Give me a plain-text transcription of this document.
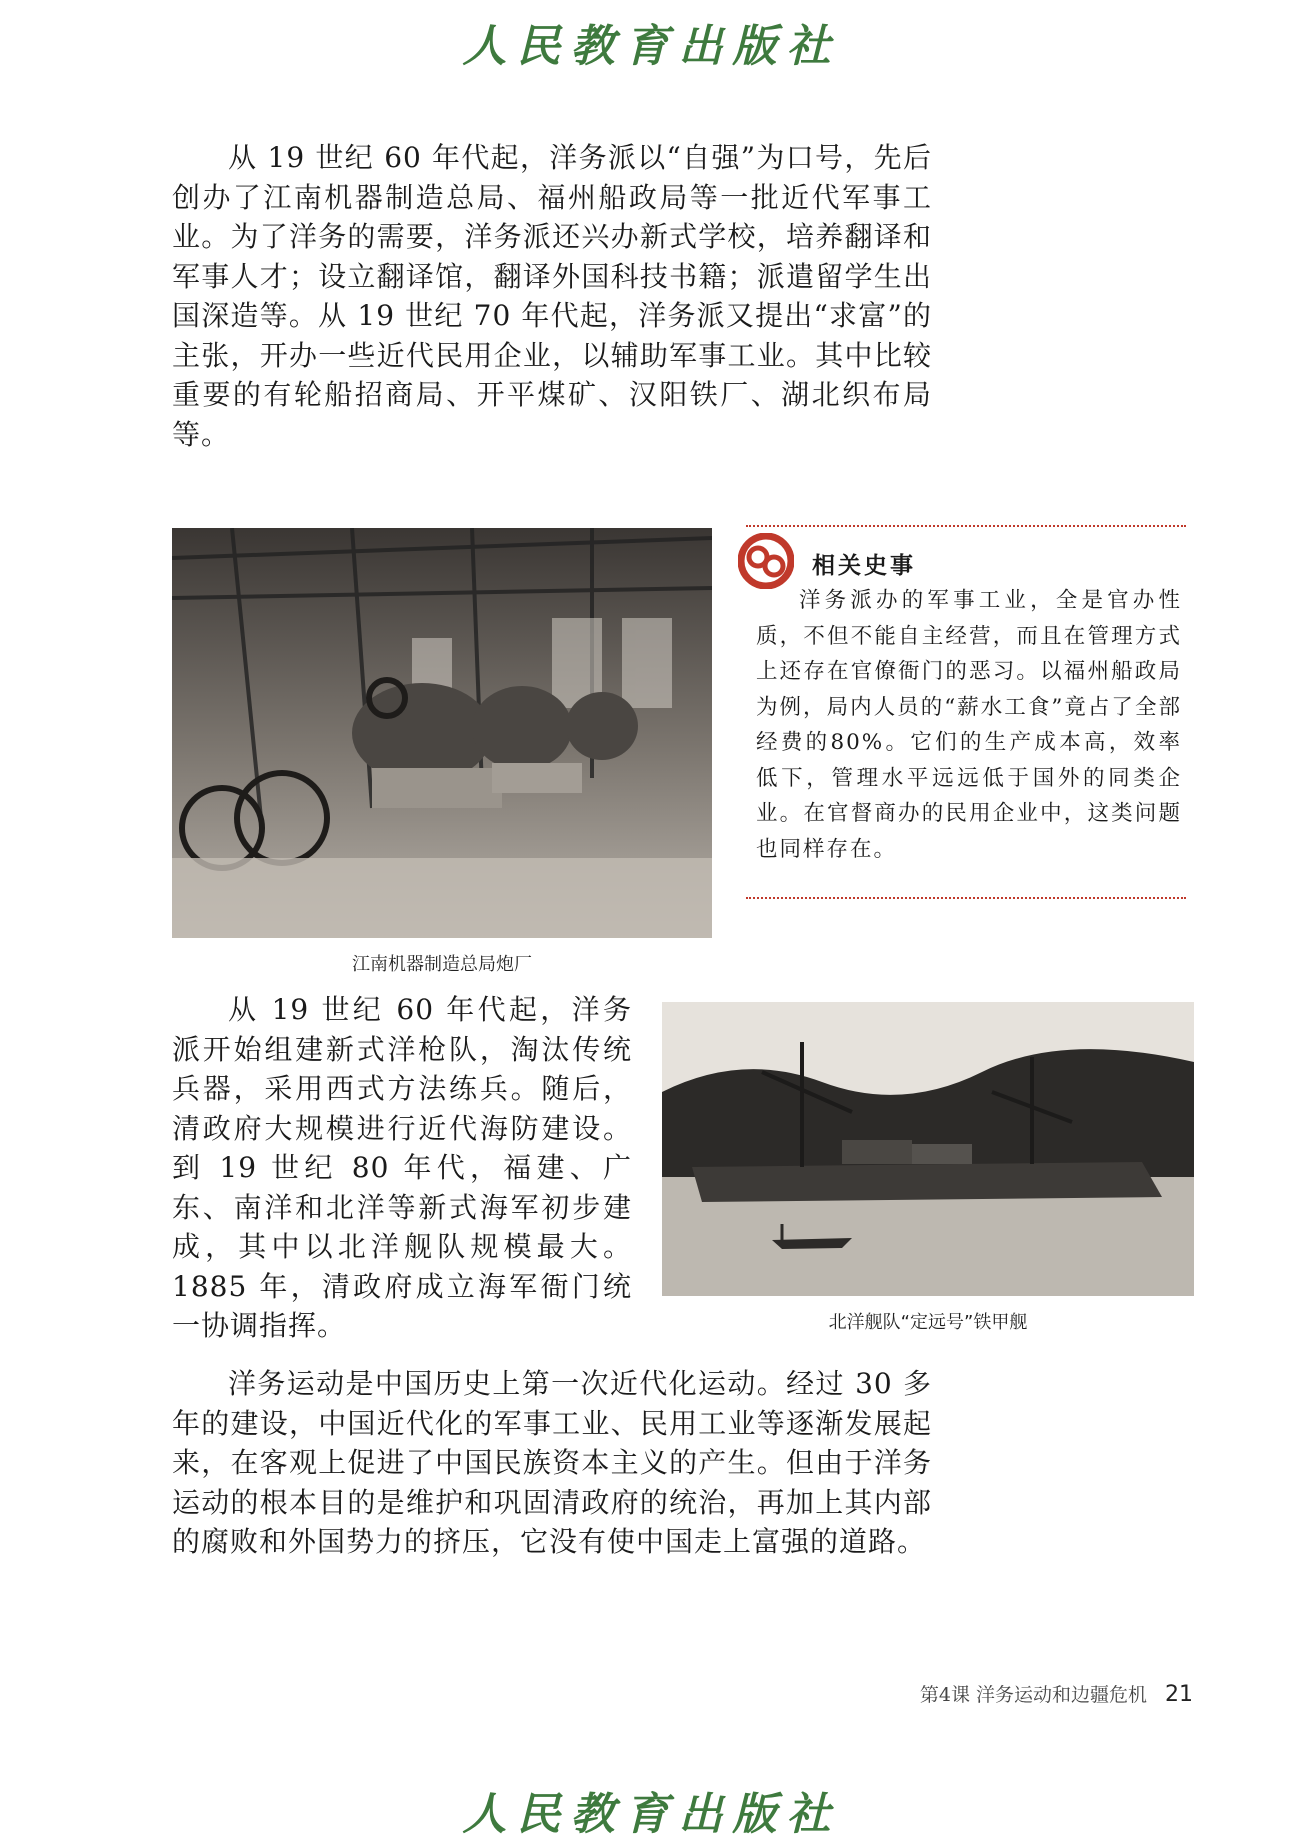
人民教育出版社

从 19 世纪 60 年代起，洋务派以“自强”为口号，先后创办了江南机器制造总局、福州船政局等一批近代军事工业。为了洋务的需要，洋务派还兴办新式学校，培养翻译和军事人才；设立翻译馆，翻译外国科技书籍；派遣留学生出国深造等。从 19 世纪 70 年代起，洋务派又提出“求富”的主张，开办一些近代民用企业，以辅助军事工业。其中比较重要的有轮船招商局、开平煤矿、汉阳铁厂、湖北织布局等。

江南机器制造总局炮厂
相关史事

洋务派办的军事工业，全是官办性质，不但不能自主经营，而且在管理方式上还存在官僚衙门的恶习。以福州船政局为例，局内人员的“薪水工食”竟占了全部经费的80%。它们的生产成本高，效率低下，管理水平远远低于国外的同类企业。在官督商办的民用企业中，这类问题也同样存在。

从 19 世纪 60 年代起，洋务派开始组建新式洋枪队，淘汰传统兵器，采用西式方法练兵。随后，清政府大规模进行近代海防建设。到 19 世纪 80 年代，福建、广东、南洋和北洋等新式海军初步建成，其中以北洋舰队规模最大。1885 年，清政府成立海军衙门统一协调指挥。	北洋舰队“定远号”铁甲舰

洋务运动是中国历史上第一次近代化运动。经过 30 多年的建设，中国近代化的军事工业、民用工业等逐渐发展起来，在客观上促进了中国民族资本主义的产生。但由于洋务运动的根本目的是维护和巩固清政府的统治，再加上其内部的腐败和外国势力的挤压，它没有使中国走上富强的道路。

第4课 洋务运动和边疆危机 21
人民教育出版社
